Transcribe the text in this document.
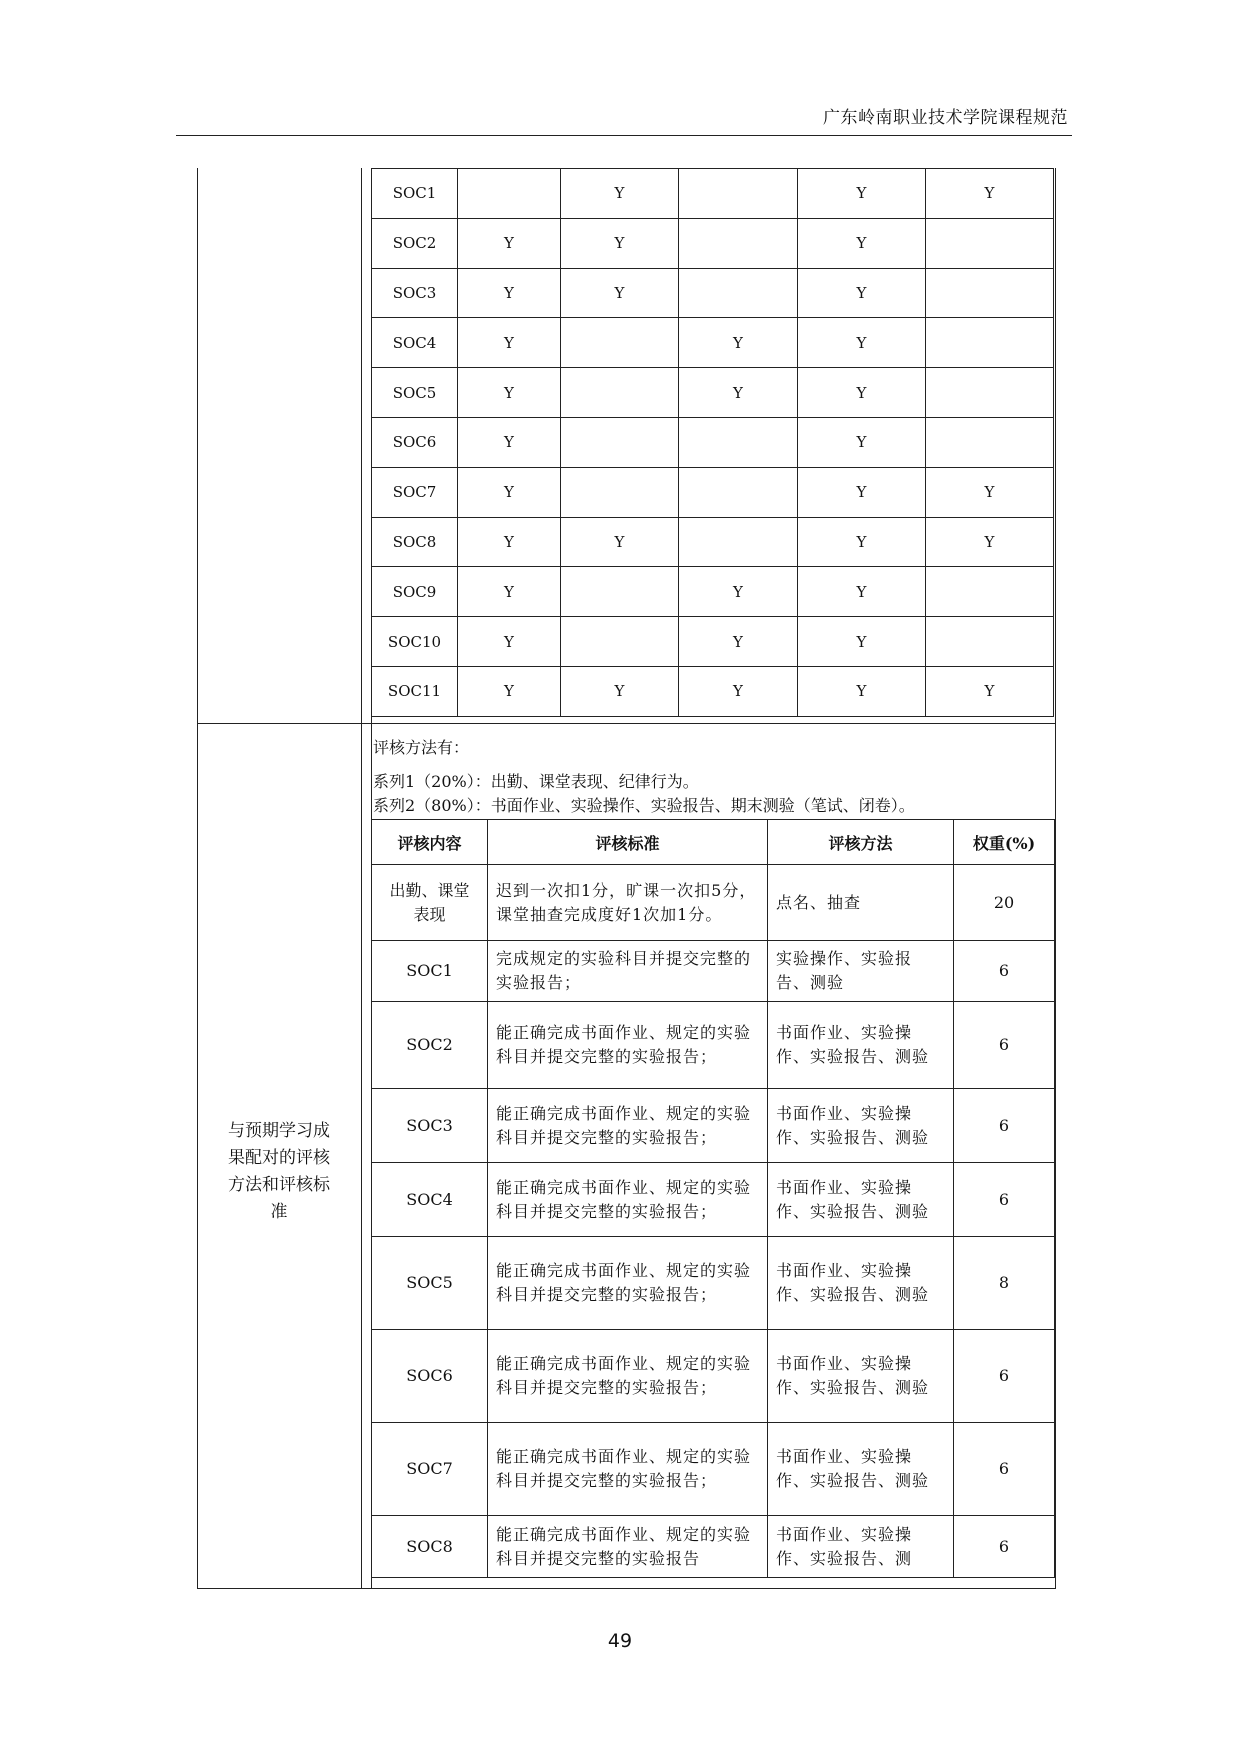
广东岭南职业技术学院课程规范
SOC1		Y		Y	Y
SOC2	Y	Y		Y	
SOC3	Y	Y		Y	
SOC4	Y		Y	Y	
SOC5	Y		Y	Y	
SOC6	Y			Y	
SOC7	Y			Y	Y
SOC8	Y	Y		Y	Y
SOC9	Y		Y	Y	
SOC10	Y		Y	Y	
SOC11	Y	Y	Y	Y	Y
与预期学习成果配对的评核方法和评核标准
评核方法有：
系列1（20%）：出勤、课堂表现、纪律行为。
系列2（80%）：书面作业、实验操作、实验报告、期末测验（笔试、闭卷）。
评核内容	评核标准	评核方法	权重(%)
出勤、课堂表现	迟到一次扣1分，旷课一次扣5分，课堂抽查完成度好1次加1分。	点名、抽查	20
SOC1	完成规定的实验科目并提交完整的实验报告；	实验操作、实验报告、测验	6
SOC2	能正确完成书面作业、规定的实验科目并提交完整的实验报告；	书面作业、实验操作、实验报告、测验	6
SOC3	能正确完成书面作业、规定的实验科目并提交完整的实验报告；	书面作业、实验操作、实验报告、测验	6
SOC4	能正确完成书面作业、规定的实验科目并提交完整的实验报告；	书面作业、实验操作、实验报告、测验	6
SOC5	能正确完成书面作业、规定的实验科目并提交完整的实验报告；	书面作业、实验操作、实验报告、测验	8
SOC6	能正确完成书面作业、规定的实验科目并提交完整的实验报告；	书面作业、实验操作、实验报告、测验	6
SOC7	能正确完成书面作业、规定的实验科目并提交完整的实验报告；	书面作业、实验操作、实验报告、测验	6
SOC8	能正确完成书面作业、规定的实验科目并提交完整的实验报告	书面作业、实验操作、实验报告、测	6
49
